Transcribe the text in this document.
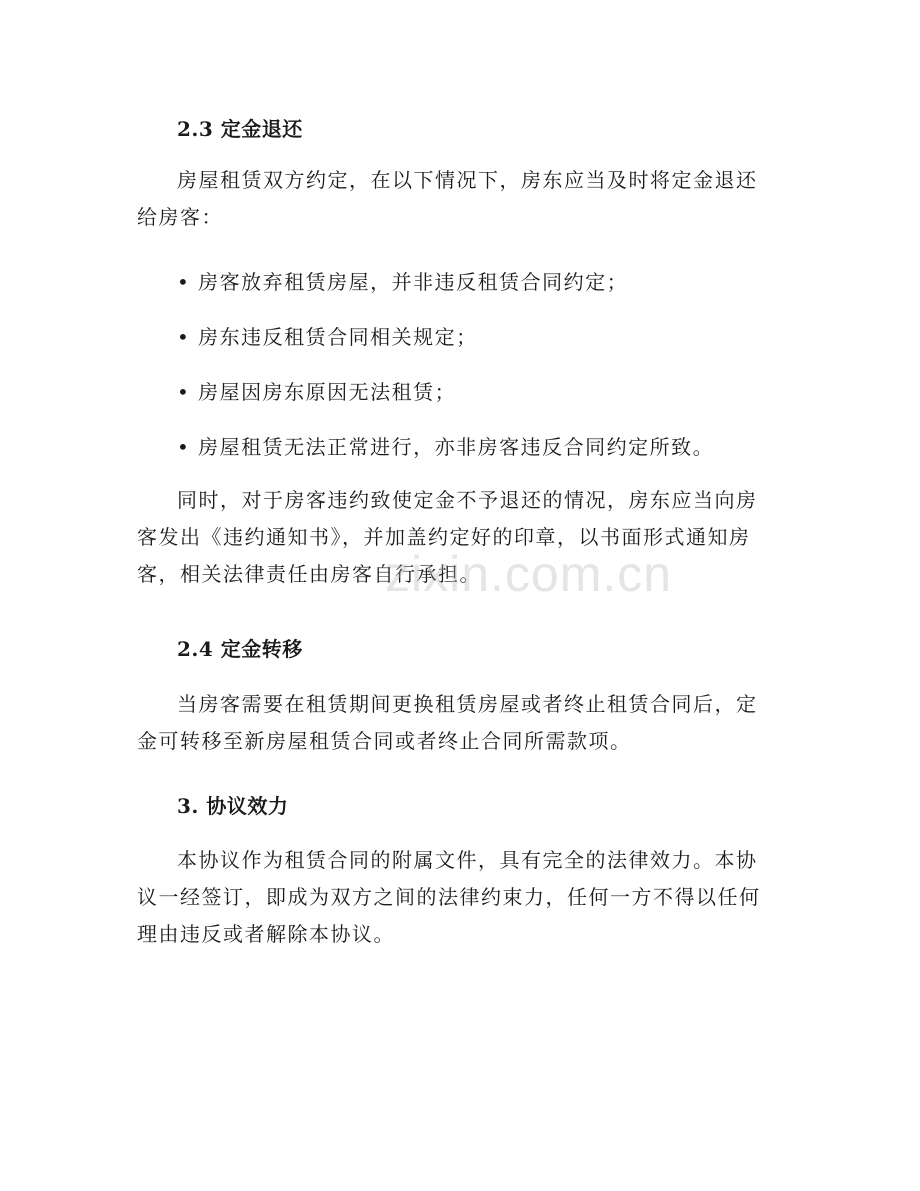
2.3 定金退还

房屋租赁双方约定，在以下情况下，房东应当及时将定金退还给房客：

• 房客放弃租赁房屋，并非违反租赁合同约定；

• 房东违反租赁合同相关规定；

• 房屋因房东原因无法租赁；

• 房屋租赁无法正常进行，亦非房客违反合同约定所致。

同时，对于房客违约致使定金不予退还的情况，房东应当向房客发出《违约通知书》，并加盖约定好的印章，以书面形式通知房客，相关法律责任由房客自行承担。

2.4 定金转移

当房客需要在租赁期间更换租赁房屋或者终止租赁合同后，定金可转移至新房屋租赁合同或者终止合同所需款项。

3. 协议效力

本协议作为租赁合同的附属文件，具有完全的法律效力。本协议一经签订，即成为双方之间的法律约束力，任何一方不得以任何理由违反或者解除本协议。

zixin.com.cn
